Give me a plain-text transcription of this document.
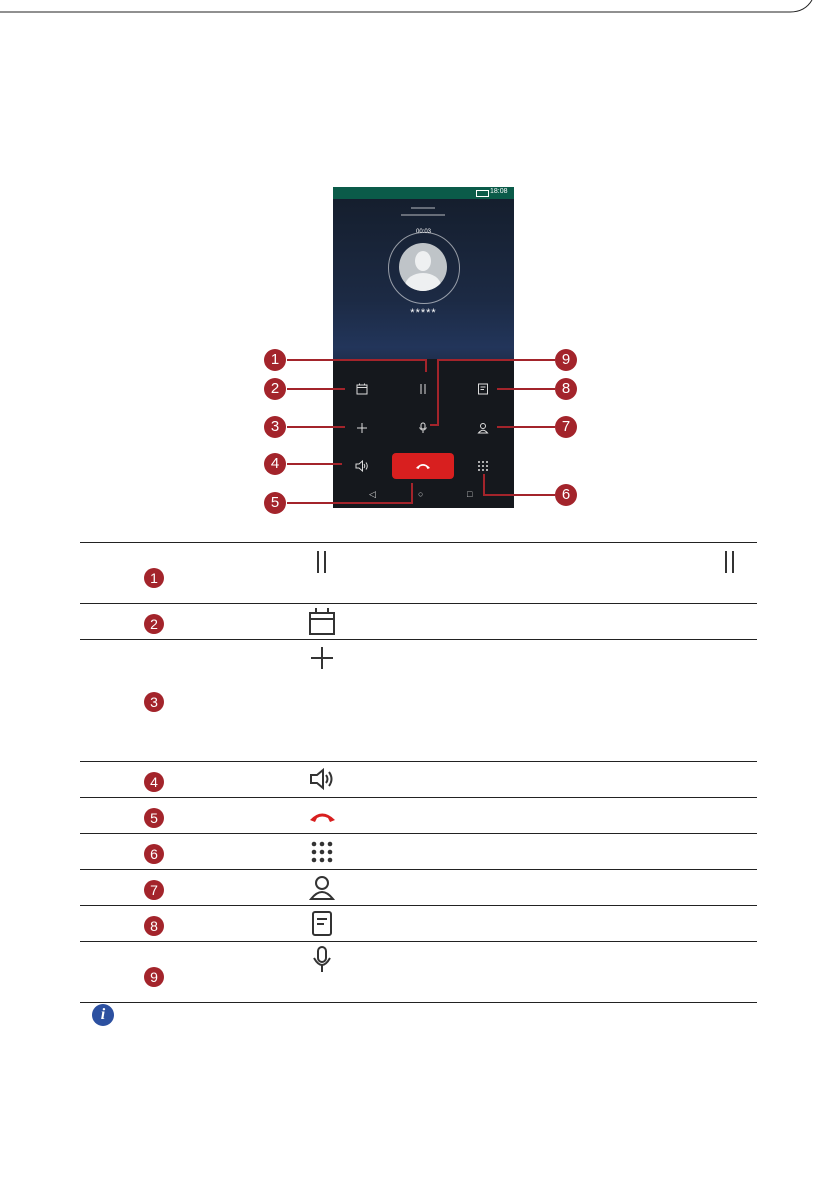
18:08
00:03
*****
◁	○	□
1
2
3
4
5	6
7
8
9
1
2
3
4
5
6
7
8
9
i
